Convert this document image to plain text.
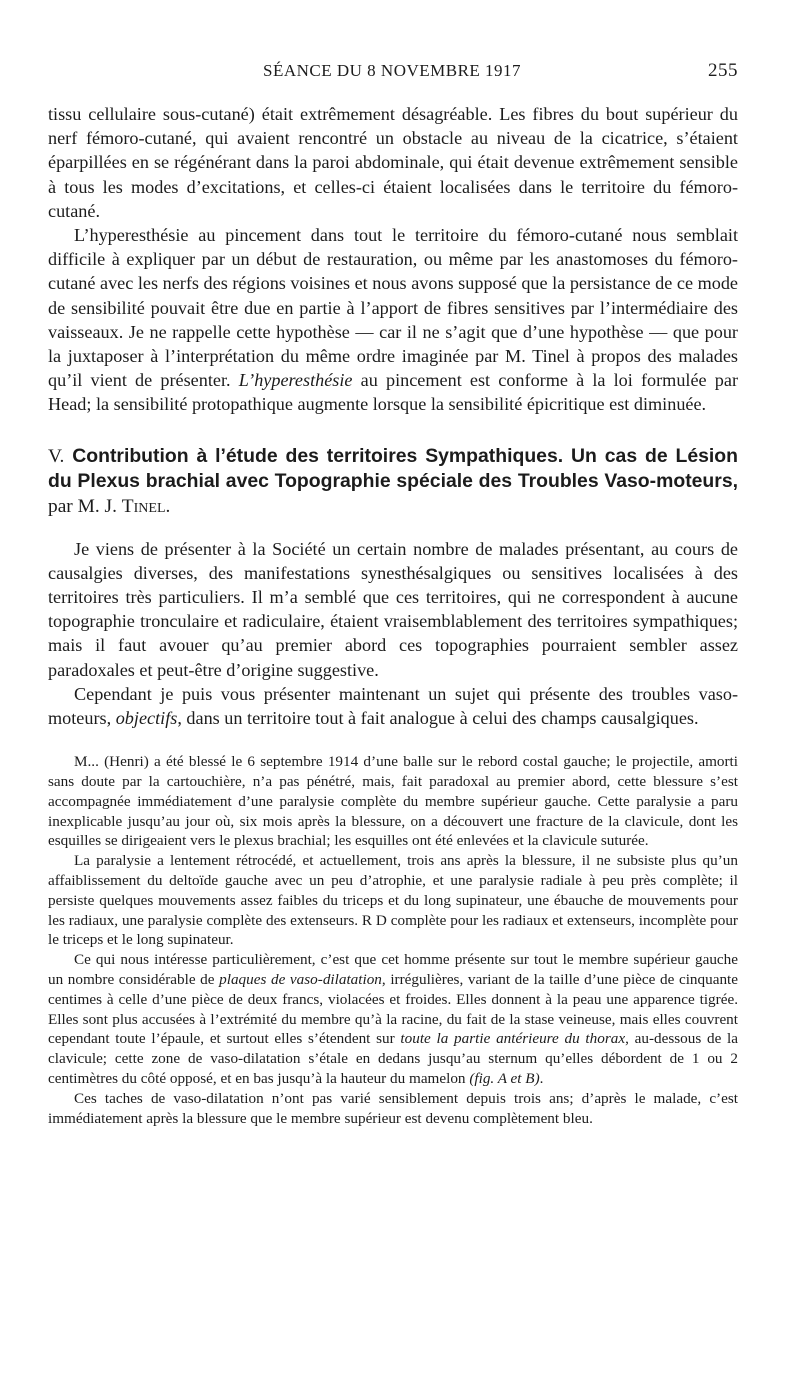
SÉANCE DU 8 NOVEMBRE 1917	255

tissu cellulaire sous-cutané) était extrêmement désagréable. Les fibres du bout supérieur du nerf fémoro-cutané, qui avaient rencontré un obstacle au niveau de la cicatrice, s’étaient éparpillées en se régénérant dans la paroi abdominale, qui était devenue extrêmement sensible à tous les modes d’excitations, et celles-ci étaient localisées dans le territoire du fémoro-cutané.

L’hyperesthésie au pincement dans tout le territoire du fémoro-cutané nous semblait difficile à expliquer par un début de restauration, ou même par les anastomoses du fémoro-cutané avec les nerfs des régions voisines et nous avons supposé que la persistance de ce mode de sensibilité pouvait être due en partie à l’apport de fibres sensitives par l’intermédiaire des vaisseaux. Je ne rappelle cette hypothèse — car il ne s’agit que d’une hypothèse — que pour la juxtaposer à l’interprétation du même ordre imaginée par M. Tinel à propos des malades qu’il vient de présenter. L’hyperesthésie au pincement est conforme à la loi formulée par Head; la sensibilité protopathique augmente lorsque la sensibilité épicritique est diminuée.

V. Contribution à l’étude des territoires Sympathiques. Un cas de Lésion du Plexus brachial avec Topographie spéciale des Troubles Vaso-moteurs, par M. J. Tinel.

Je viens de présenter à la Société un certain nombre de malades présentant, au cours de causalgies diverses, des manifestations synesthésalgiques ou sensitives localisées à des territoires très particuliers. Il m’a semblé que ces territoires, qui ne correspondent à aucune topographie tronculaire et radiculaire, étaient vraisemblablement des territoires sympathiques; mais il faut avouer qu’au premier abord ces topographies pourraient sembler assez paradoxales et peut-être d’origine suggestive.

Cependant je puis vous présenter maintenant un sujet qui présente des troubles vaso-moteurs, objectifs, dans un territoire tout à fait analogue à celui des champs causalgiques.

M... (Henri) a été blessé le 6 septembre 1914 d’une balle sur le rebord costal gauche; le projectile, amorti sans doute par la cartouchière, n’a pas pénétré, mais, fait paradoxal au premier abord, cette blessure s’est accompagnée immédiatement d’une paralysie complète du membre supérieur gauche. Cette paralysie a paru inexplicable jusqu’au jour où, six mois après la blessure, on a découvert une fracture de la clavicule, dont les esquilles se dirigeaient vers le plexus brachial; les esquilles ont été enlevées et la clavicule suturée.

La paralysie a lentement rétrocédé, et actuellement, trois ans après la blessure, il ne subsiste plus qu’un affaiblissement du deltoïde gauche avec un peu d’atrophie, et une paralysie radiale à peu près complète; il persiste quelques mouvements assez faibles du triceps et du long supinateur, une ébauche de mouvements pour les radiaux, une paralysie complète des extenseurs. R D complète pour les radiaux et extenseurs, incomplète pour le triceps et le long supinateur.

Ce qui nous intéresse particulièrement, c’est que cet homme présente sur tout le membre supérieur gauche un nombre considérable de plaques de vaso-dilatation, irrégulières, variant de la taille d’une pièce de cinquante centimes à celle d’une pièce de deux francs, violacées et froides. Elles donnent à la peau une apparence tigrée. Elles sont plus accusées à l’extrémité du membre qu’à la racine, du fait de la stase veineuse, mais elles couvrent cependant toute l’épaule, et surtout elles s’étendent sur toute la partie antérieure du thorax, au-dessous de la clavicule; cette zone de vaso-dilatation s’étale en dedans jusqu’au sternum qu’elles débordent de 1 ou 2 centimètres du côté opposé, et en bas jusqu’à la hauteur du mamelon (fig. A et B).

Ces taches de vaso-dilatation n’ont pas varié sensiblement depuis trois ans; d’après le malade, c’est immédiatement après la blessure que le membre supérieur est devenu complètement bleu.
